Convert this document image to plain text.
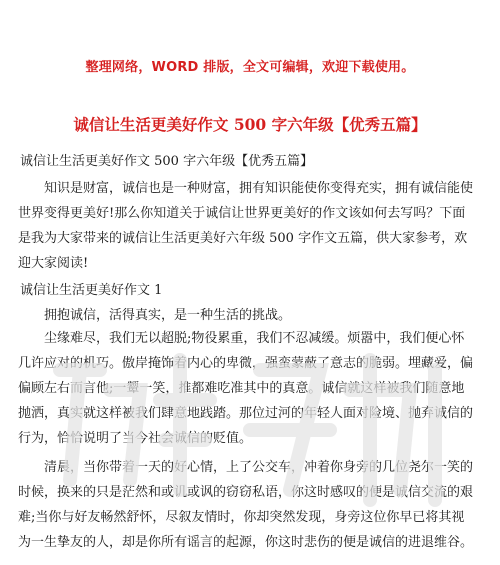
整理网络，WORD 排版，全文可编辑，欢迎下载使用。
诚信让生活更美好作文 500 字六年级【优秀五篇】
诚信让生活更美好作文 500 字六年级【优秀五篇】
知识是财富，诚信也是一种财富，拥有知识能使你变得充实，拥有诚信能使
世界变得更美好!那么你知道关于诚信让世界更美好的作文该如何去写吗？下面
是我为大家带来的诚信让生活更美好六年级 500 字作文五篇，供大家参考，欢
迎大家阅读!
诚信让生活更美好作文 1
拥抱诚信，活得真实，是一种生活的挑战。
尘缘难尽，我们无以超脱;物役累重，我们不忍减缓。烦嚣中，我们便心怀
几许应对的机巧。傲岸掩饰着内心的卑微，强蛮蒙蔽了意志的脆弱。埋藏爱，偏
偏顾左右而言他;一颦一笑，推都难吃准其中的真意。诚信就这样被我们随意地
抛洒，真实就这样被我们肆意地践踏。那位过河的年轻人面对险境、抛弃诚信的
行为，恰恰说明了当今社会诚信的贬值。
清晨，当你带着一天的好心情，上了公交车，冲着你身旁的几位尧尔一笑的
时候，换来的只是茫然和或讥或讽的窃窃私语，你这时感叹的便是诚信交流的艰
难;当你与好友畅然舒怀，尽叙友情时，你却突然发现，身旁这位你早已将其视
为一生挚友的人，却是你所有谣言的起源，你这时悲伤的便是诚信的进退维谷。
